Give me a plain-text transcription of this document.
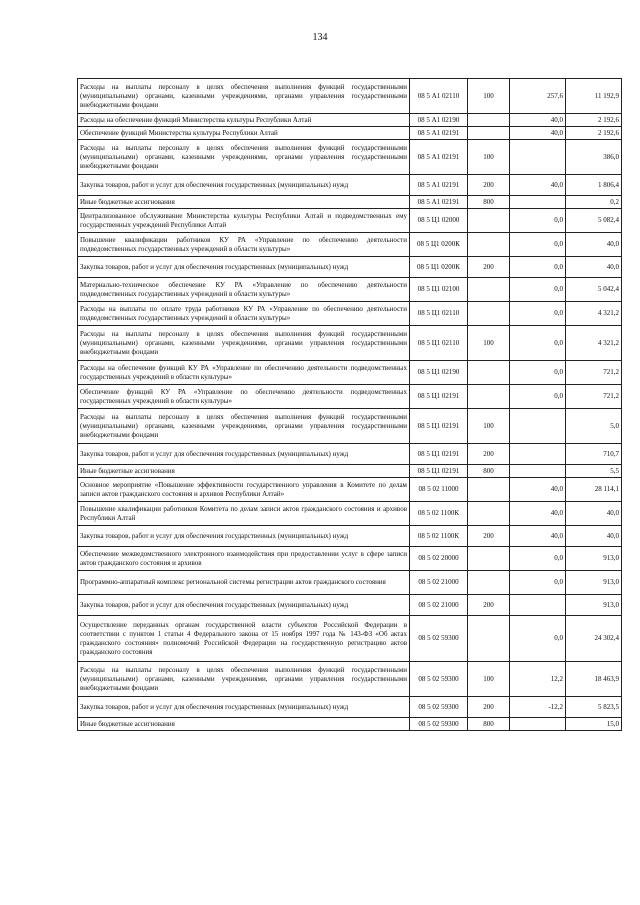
134
Расходы на выплаты персоналу в целях обеспечения выполнения функций государственными (муниципальными) органами, казенными учреждениями, органами управления государственными внебюджетными фондами	08 5 А1 02110	100	257,6	11 192,9
Расходы на обеспечение функций Министерства культуры Республики Алтай	08 5 А1 02190		40,0	2 192,6
Обеспечение функций Министерства культуры Республики Алтай	08 5 А1 02191		40,0	2 192,6
Расходы на выплаты персоналу в целях обеспечения выполнения функций государственными (муниципальными) органами, казенными учреждениями, органами управления государственными внебюджетными фондами	08 5 А1 02191	100		386,0
Закупка товаров, работ и услуг для обеспечения государственных (муниципальных) нужд	08 5 А1 02191	200	40,0	1 806,4
Иные бюджетные ассигнования	08 5 А1 02191	800		0,2
Централизованное обслуживание Министерства культуры Республики Алтай и подведомственных ему государственных учреждений Республики Алтай	08 5 Ц1 02000		0,0	5 082,4
Повышение квалификации работников КУ РА «Управление по обеспечению деятельности подведомственных государственных учреждений в области культуры»	08 5 Ц1 0200К		0,0	40,0
Закупка товаров, работ и услуг для обеспечения государственных (муниципальных) нужд	08 5 Ц1 0200К	200	0,0	40,0
Материально-техническое обеспечение КУ РА «Управление по обеспечению деятельности подведомственных государственных учреждений в области культуры»	08 5 Ц1 02100		0,0	5 042,4
Расходы на выплаты по оплате труда работников КУ РА «Управление по обеспечению деятельности подведомственных государственных учреждений в области культуры»	08 5 Ц1 02110		0,0	4 321,2
Расходы на выплаты персоналу в целях обеспечения выполнения функций государственными (муниципальными) органами, казенными учреждениями, органами управления государственными внебюджетными фондами	08 5 Ц1 02110	100	0,0	4 321,2
Расходы на обеспечение функций КУ РА «Управление по обеспечению деятельности подведомственных государственных учреждений в области культуры»	08 5 Ц1 02190		0,0	721,2
Обеспечение функций КУ РА «Управление по обеспечению деятельности подведомственных государственных учреждений в области культуры»	08 5 Ц1 02191		0,0	721,2
Расходы на выплаты персоналу в целях обеспечения выполнения функций государственными (муниципальными) органами, казенными учреждениями, органами управления государственными внебюджетными фондами	08 5 Ц1 02191	100		5,0
Закупка товаров, работ и услуг для обеспечения государственных (муниципальных) нужд	08 5 Ц1 02191	200		710,7
Иные бюджетные ассигнования	08 5 Ц1 02191	800		5,5
Основное мероприятие «Повышение эффективности государственного управления в Комитете по делам записи актов гражданского состояния и архивов Республики Алтай»	08 5 02 11000		40,0	28 114,1
Повышение квалификации работников Комитета по делам записи актов гражданского состояния и архивов Республики Алтай	08 5 02 1100К		40,0	40,0
Закупка товаров, работ и услуг для обеспечения государственных (муниципальных) нужд	08 5 02 1100К	200	40,0	40,0
Обеспечение межведомственного электронного взаимодействия при предоставлении услуг в сфере записи актов гражданского состояния и архивов	08 5 02 20000		0,0	913,0
Программно-аппаратный комплекс региональной системы регистрации актов гражданского состояния	08 5 02 21000		0,0	913,0
Закупка товаров, работ и услуг для обеспечения государственных (муниципальных) нужд	08 5 02 21000	200		913,0
Осуществление переданных органам государственной власти субъектов Российской Федерации в соответствии с пунктом 1 статьи 4 Федерального закона от 15 ноября 1997 года № 143-ФЗ «Об актах гражданского состояния» полномочий Российской Федерации на государственную регистрацию актов гражданского состояния	08 5 02 59300		0,0	24 302,4
Расходы на выплаты персоналу в целях обеспечения выполнения функций государственными (муниципальными) органами, казенными учреждениями, органами управления государственными внебюджетными фондами	08 5 02 59300	100	12,2	18 463,9
Закупка товаров, работ и услуг для обеспечения государственных (муниципальных) нужд	08 5 02 59300	200	-12,2	5 823,5
Иные бюджетные ассигнования	08 5 02 59300	800		15,0
